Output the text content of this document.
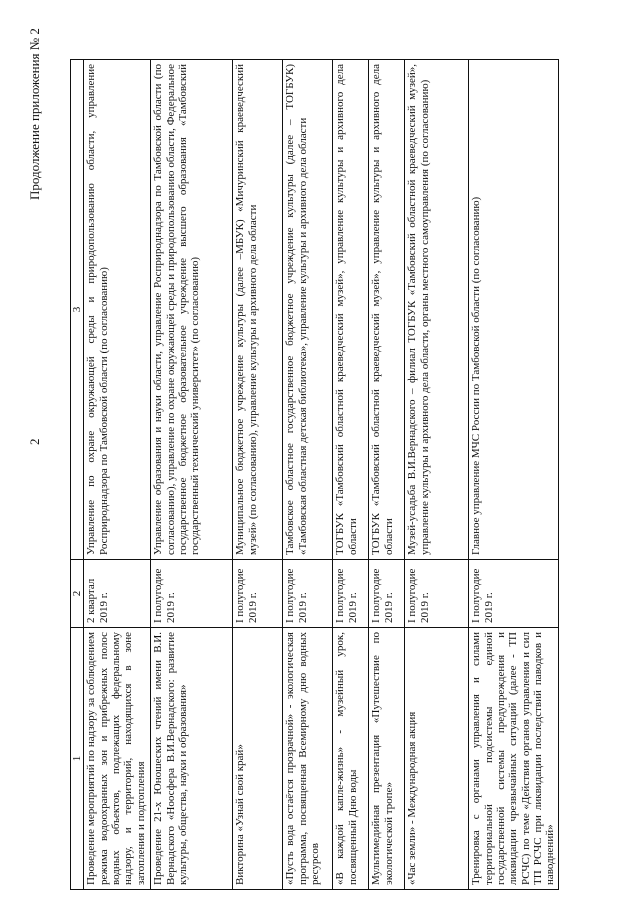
2
Продолжение приложения № 2
1	2	3
Проведение мероприятий по надзору за соблюдением режима водоохранных зон и прибрежных полос водных объектов, подлежащих федеральному надзору, и территорий, находящихся в зоне затопления и подтопления	2 квартал 2019 г.	Управление по охране окружающей среды и природопользованию области, управление Росприроднадзора по Тамбовской области (по согласованию)
Проведение 21-х Юношеских чтений имени В.И. Вернадского «Ноосфера В.И.Вернадского: развитие культуры, общества, науки и образования»	I полугодие 2019 г.	Управление образования и науки области, управление Росприроднадзора по Тамбовской области (по согласованию), управление по охране окружающей среды и природопользованию области, Федеральное государственное бюджетное образовательное учреждение высшего образования «Тамбовский государственный технический университет» (по согласованию)
Викторина «Узнай свой край»	I полугодие 2019 г.	Муниципальное бюджетное учреждение культуры (далее –МБУК) «Мичуринский краеведческий музей» (по согласованию), управление культуры и архивного дела области
«Пусть вода остаётся прозрачной» - экологическая программа, посвященная Всемирному дню водных ресурсов	I полугодие 2019 г.	Тамбовское областное государственное бюджетное учреждение культуры (далее – ТОГБУК) «Тамбовская областная детская библиотека», управление культуры и архивного дела области
«В каждой капле-жизнь» - музейный урок, посвященный Дню воды	I полугодие 2019 г.	ТОГБУК «Тамбовский областной краеведческий музей», управление культуры и архивного дела области
Мультимедийная презентация «Путешествие по экологической тропе»	I полугодие 2019 г.	ТОГБУК «Тамбовский областной краеведческий музей», управление культуры и архивного дела области
«Час земли» - Международная акция	I полугодие 2019 г.	Музей-усадьба В.И.Вернадского – филиал ТОГБУК «Тамбовский областной краеведческий музей», управление культуры и архивного дела области, органы местного самоуправления (по согласованию)
Тренировка с органами управления и силами территориальной подсистемы единой государственной системы предупреждения и ликвидации чрезвычайных ситуаций (далее - ТП РСЧС) по теме «Действия органов управления и сил ТП РСЧС при ликвидации последствий паводков и наводнений»	I полугодие 2019 г.	Главное управление МЧС России по Тамбовской области (по согласованию)
